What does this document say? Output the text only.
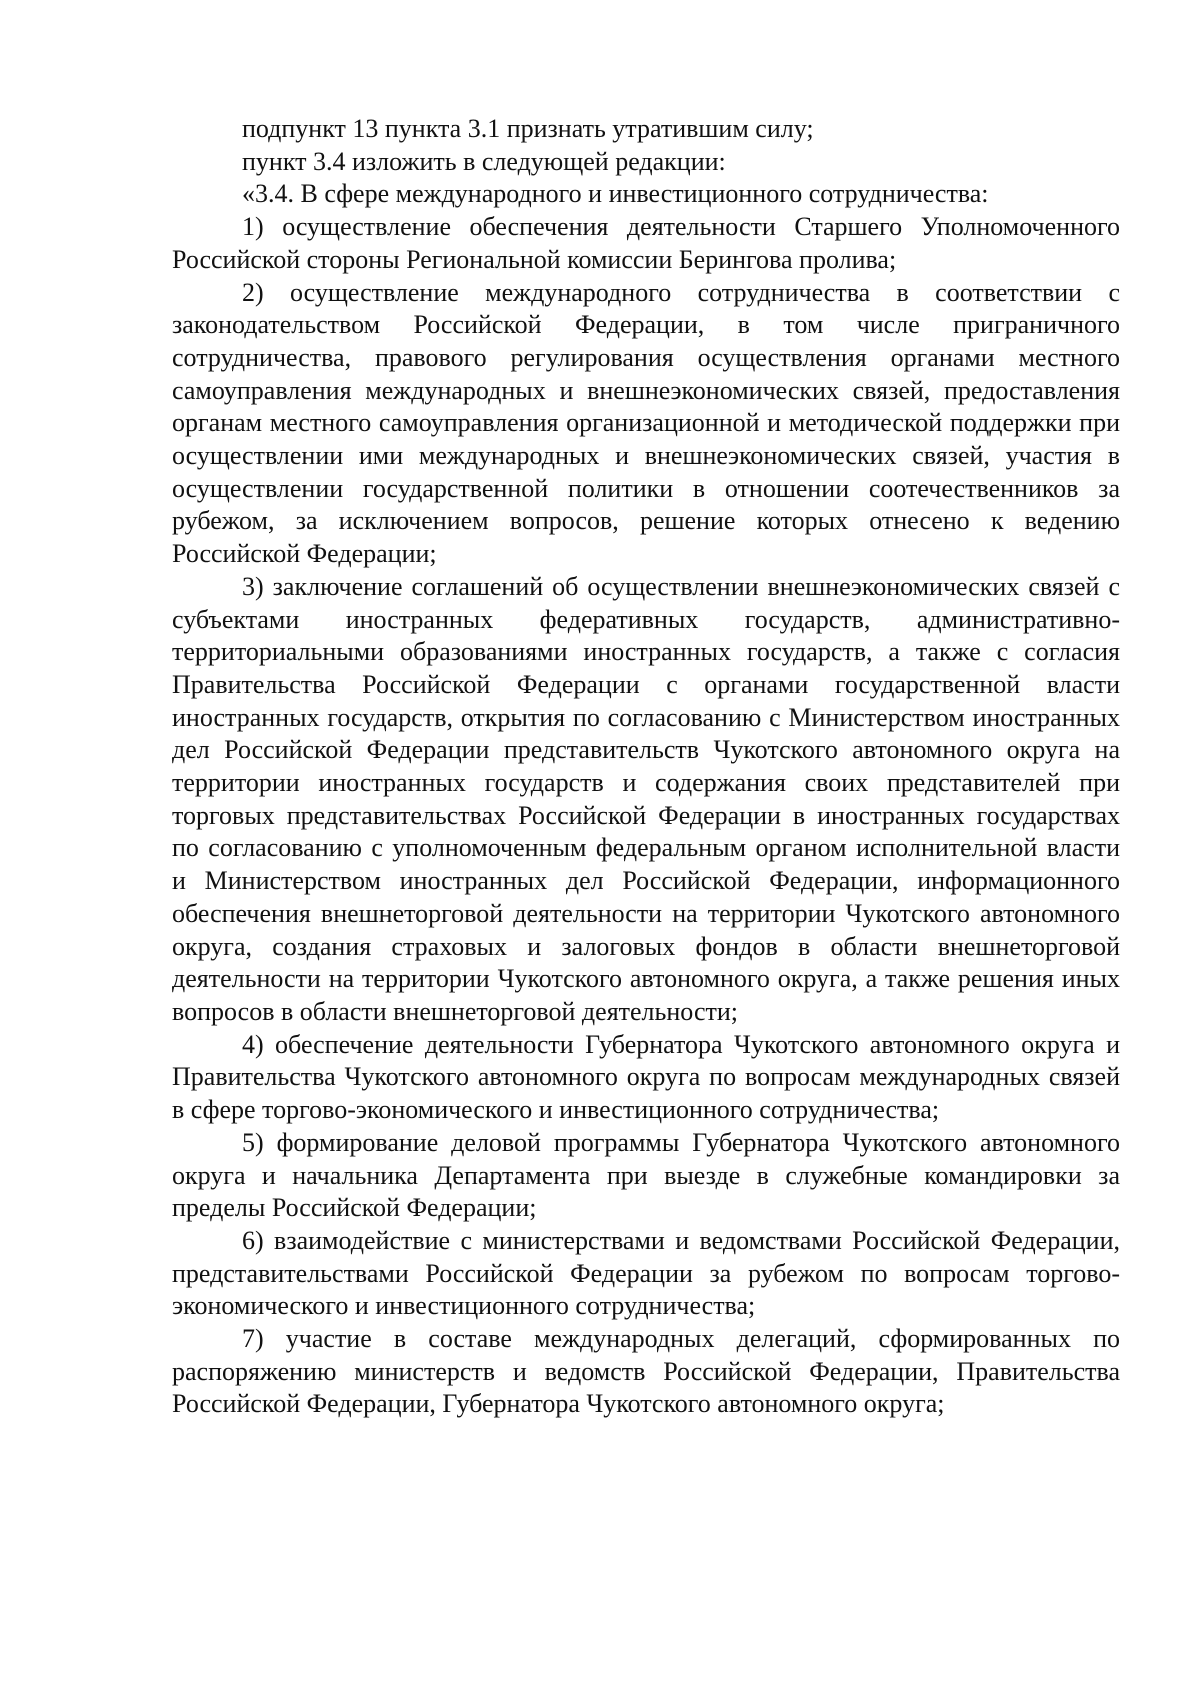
подпункт 13 пункта 3.1 признать утратившим силу;

пункт 3.4 изложить в следующей редакции:

«3.4. В сфере международного и инвестиционного сотрудничества:

1) осуществление обеспечения деятельности Старшего Уполномоченного Российской стороны Региональной комиссии Берингова пролива;

2) осуществление международного сотрудничества в соответствии с законодательством Российской Федерации, в том числе приграничного сотрудничества, правового регулирования осуществления органами местного самоуправления международных и внешнеэкономических связей, предоставления органам местного самоуправления организационной и методической поддержки при осуществлении ими международных и внешнеэкономических связей, участия в осуществлении государственной политики в отношении соотечественников за рубежом, за исключением вопросов, решение которых отнесено к ведению Российской Федерации;

3) заключение соглашений об осуществлении внешнеэкономических связей с субъектами иностранных федеративных государств, административно-территориальными образованиями иностранных государств, а также с согласия Правительства Российской Федерации с органами государственной власти иностранных государств, открытия по согласованию с Министерством иностранных дел Российской Федерации представительств Чукотского автономного округа на территории иностранных государств и содержания своих представителей при торговых представительствах Российской Федерации в иностранных государствах по согласованию с уполномоченным федеральным органом исполнительной власти и Министерством иностранных дел Российской Федерации, информационного обеспечения внешнеторговой деятельности на территории Чукотского автономного округа, создания страховых и залоговых фондов в области внешнеторговой деятельности на территории Чукотского автономного округа, а также решения иных вопросов в области внешнеторговой деятельности;

4) обеспечение деятельности Губернатора Чукотского автономного округа и Правительства Чукотского автономного округа по вопросам международных связей в сфере торгово-экономического и инвестиционного сотрудничества;

5) формирование деловой программы Губернатора Чукотского автономного округа и начальника Департамента при выезде в служебные командировки за пределы Российской Федерации;

6) взаимодействие с министерствами и ведомствами Российской Федерации, представительствами Российской Федерации за рубежом по вопросам торгово-экономического и инвестиционного сотрудничества;

7) участие в составе международных делегаций, сформированных по распоряжению министерств и ведомств Российской Федерации, Правительства Российской Федерации, Губернатора Чукотского автономного округа;
